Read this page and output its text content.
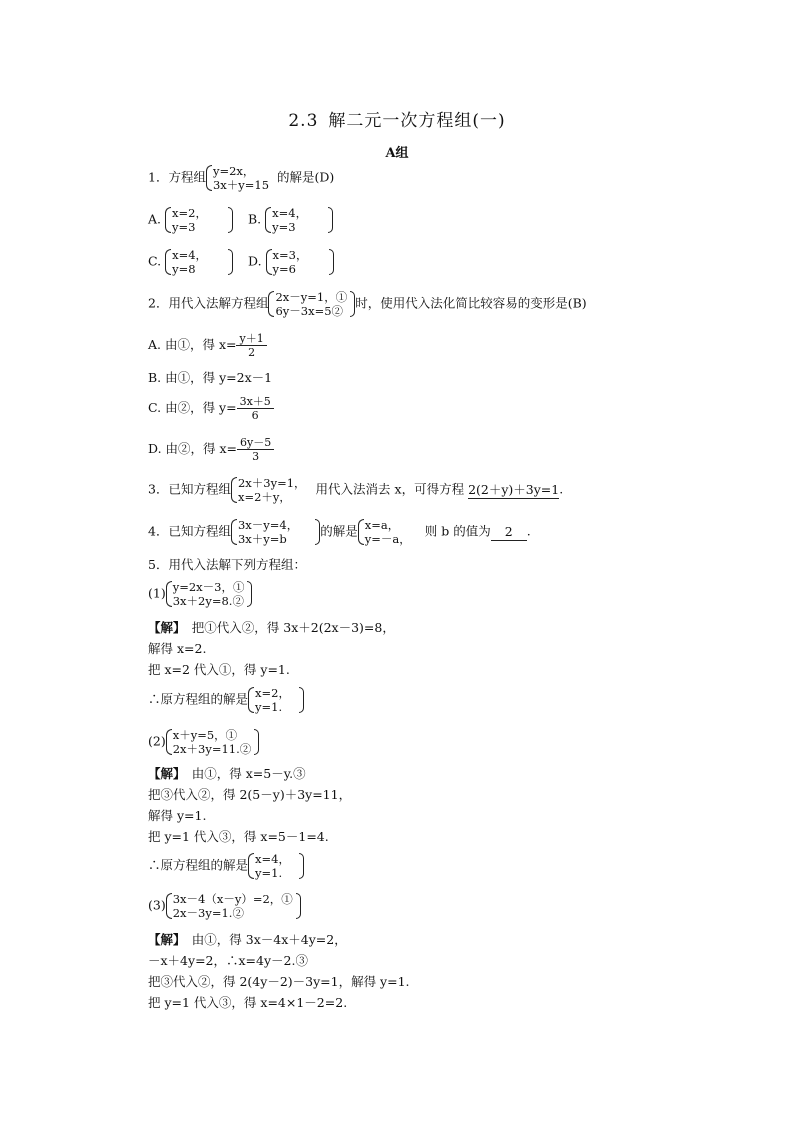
2.3 解二元一次方程组(一)
A组
1．方程组 y=2x，
3x＋y=15
的解是(D)
A. x=2，
y=3
B. x=4，
y=3
C. x=4，
y=8
D. x=3，
y=6
2．用代入法解方程组 2x－y=1，①
6y－3x=5②
时，使用代入法化简比较容易的变形是(B)
A. 由①，得 $x= \frac{y+1}{2}$
B. 由①，得 y=2x－1
C. 由②，得 $y= \frac{3x+5}{6}$
D. 由②，得 $x= \frac{6y-5}{3}$
3．已知方程组 2x＋3y=1，
x=2＋y，
用代入法消去 x，可得方程 2(2＋y)＋3y=1.
4．已知方程组 3x－y=4，
3x＋y=b
的解是 x=a，
y=－a，
则 b 的值为 2 .
5．用代入法解下列方程组：
(1) y=2x－3，①
3x＋2y=8.②
【解】　 把①代入②，得 3x＋2(2x－3)=8，
解得 x=2.
把 x=2 代入①，得 y=1.
∴原方程组的解是 x=2，
y=1.
(2) x＋y=5，①
2x＋3y=11.②
【解】　 由①，得 x=5－y.③
把③代入②，得 2(5－y)＋3y=11，
解得 y=1.
把 y=1 代入③，得 x=5－1=4.
∴原方程组的解是 x=4，
y=1.
(3) 3x－4（x－y）=2，①
2x－3y=1.②
【解】　 由①，得 3x－4x＋4y=2，
－x＋4y=2，∴x=4y－2.③
把③代入②，得 2(4y－2)－3y=1，解得 y=1.
把 y=1 代入③，得 x=4×1－2=2.
